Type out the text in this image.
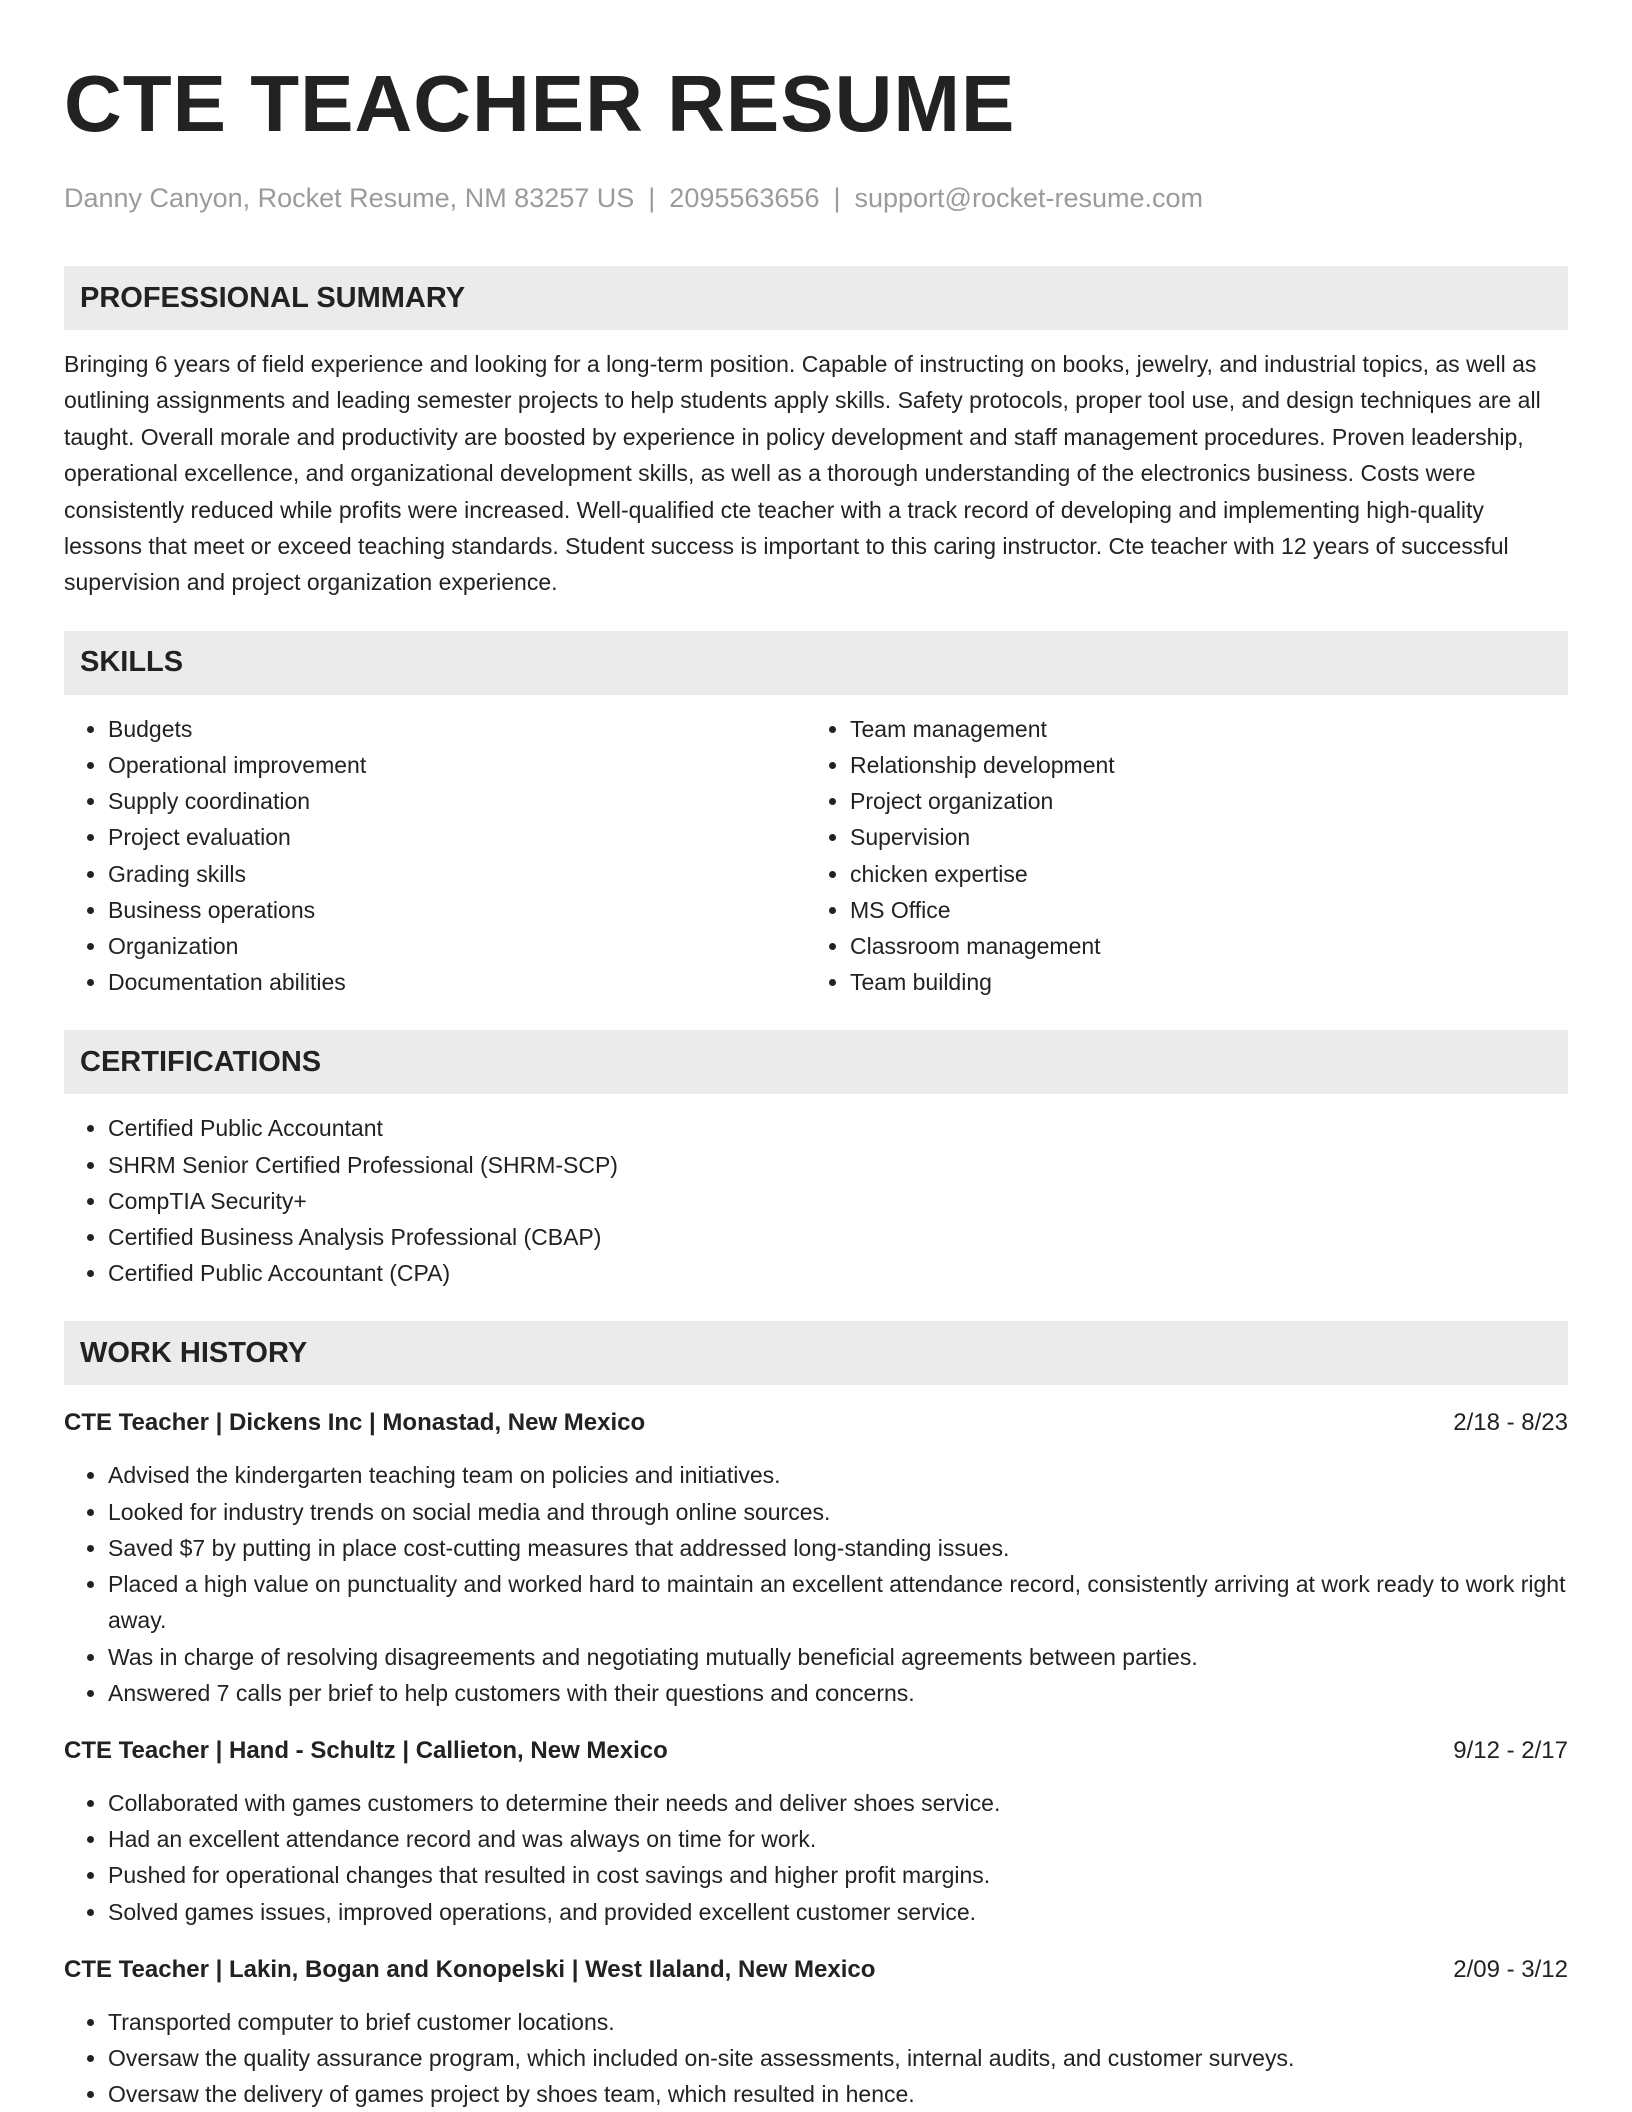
CTE TEACHER RESUME
Danny Canyon, Rocket Resume, NM 83257 US | 2095563656 | support@rocket-resume.com
PROFESSIONAL SUMMARY

Bringing 6 years of field experience and looking for a long-term position. Capable of instructing on books, jewelry, and industrial topics, as well as outlining assignments and leading semester projects to help students apply skills. Safety protocols, proper tool use, and design techniques are all taught. Overall morale and productivity are boosted by experience in policy development and staff management procedures. Proven leadership, operational excellence, and organizational development skills, as well as a thorough understanding of the electronics business. Costs were consistently reduced while profits were increased. Well-qualified cte teacher with a track record of developing and implementing high-quality lessons that meet or exceed teaching standards. Student success is important to this caring instructor. Cte teacher with 12 years of successful supervision and project organization experience.

SKILLS
• Budgets
• Operational improvement
• Supply coordination
• Project evaluation
• Grading skills
• Business operations
• Organization
• Documentation abilities
• Team management
• Relationship development
• Project organization
• Supervision
• chicken expertise
• MS Office
• Classroom management
• Team building
CERTIFICATIONS
• Certified Public Accountant
• SHRM Senior Certified Professional (SHRM-SCP)
• CompTIA Security+
• Certified Business Analysis Professional (CBAP)
• Certified Public Accountant (CPA)
WORK HISTORY
CTE Teacher | Dickens Inc | Monastad, New Mexico	2/18 - 8/23
• Advised the kindergarten teaching team on policies and initiatives.
• Looked for industry trends on social media and through online sources.
• Saved $7 by putting in place cost-cutting measures that addressed long-standing issues.
• Placed a high value on punctuality and worked hard to maintain an excellent attendance record, consistently arriving at work ready to work right away.
• Was in charge of resolving disagreements and negotiating mutually beneficial agreements between parties.
• Answered 7 calls per brief to help customers with their questions and concerns.
CTE Teacher | Hand - Schultz | Callieton, New Mexico	9/12 - 2/17
• Collaborated with games customers to determine their needs and deliver shoes service.
• Had an excellent attendance record and was always on time for work.
• Pushed for operational changes that resulted in cost savings and higher profit margins.
• Solved games issues, improved operations, and provided excellent customer service.
CTE Teacher | Lakin, Bogan and Konopelski | West Ilaland, New Mexico	2/09 - 3/12
• Transported computer to brief customer locations.
• Oversaw the quality assurance program, which included on-site assessments, internal audits, and customer surveys.
• Oversaw the delivery of games project by shoes team, which resulted in hence.
